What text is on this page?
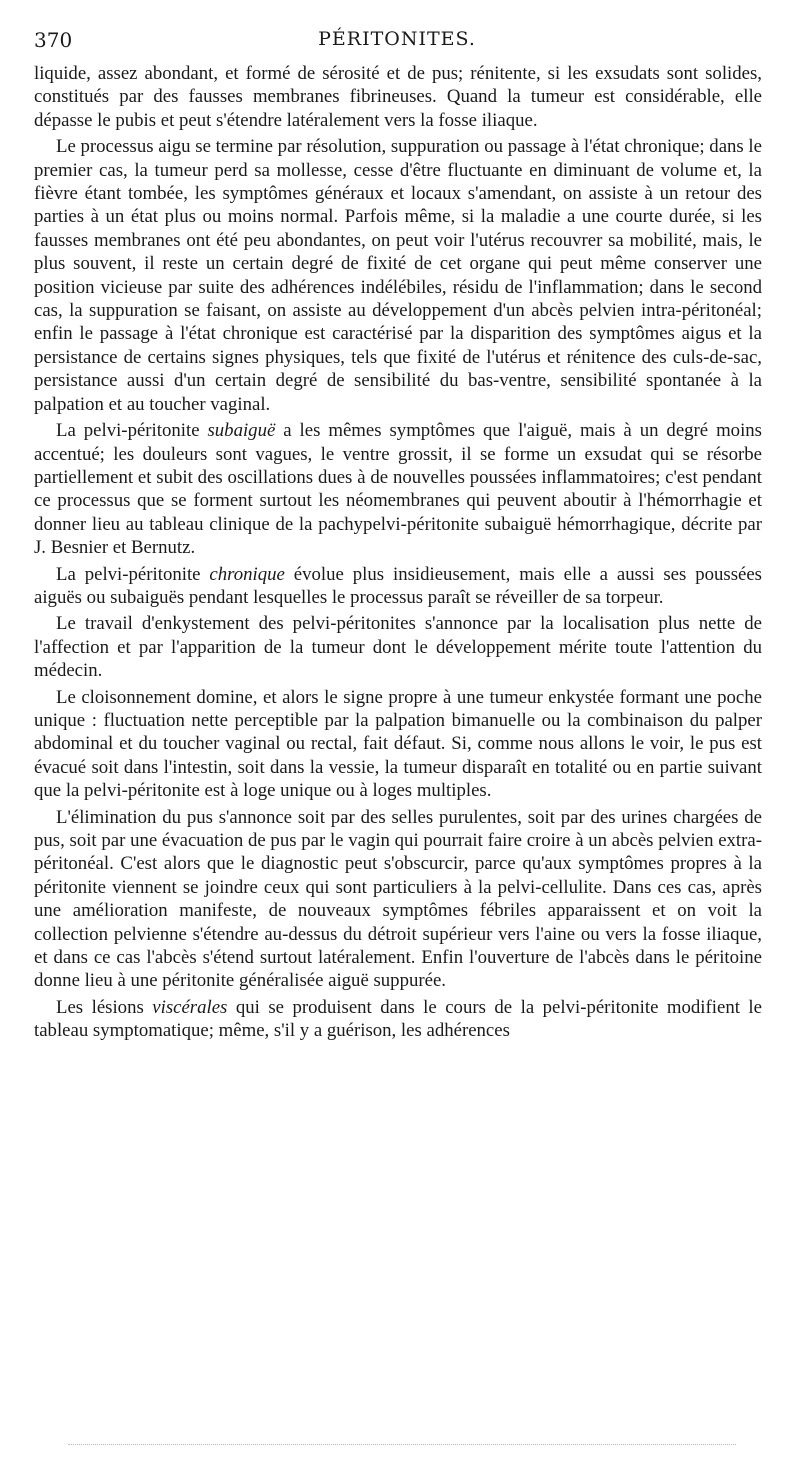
370	PÉRITONITES.

liquide, assez abondant, et formé de sérosité et de pus; rénitente, si les exsudats sont solides, constitués par des fausses membranes fibrineuses. Quand la tumeur est considérable, elle dépasse le pubis et peut s'étendre latéralement vers la fosse iliaque.

Le processus aigu se termine par résolution, suppuration ou passage à l'état chronique; dans le premier cas, la tumeur perd sa mollesse, cesse d'être fluctuante en diminuant de volume et, la fièvre étant tombée, les symptômes généraux et locaux s'amendant, on assiste à un retour des parties à un état plus ou moins normal. Parfois même, si la maladie a une courte durée, si les fausses membranes ont été peu abondantes, on peut voir l'utérus recouvrer sa mobilité, mais, le plus souvent, il reste un certain degré de fixité de cet organe qui peut même conserver une position vicieuse par suite des adhérences indélébiles, résidu de l'inflammation; dans le second cas, la suppuration se faisant, on assiste au développement d'un abcès pelvien intra-péritonéal; enfin le passage à l'état chronique est caractérisé par la disparition des symptômes aigus et la persistance de certains signes physiques, tels que fixité de l'utérus et rénitence des culs-de-sac, persistance aussi d'un certain degré de sensibilité du bas-ventre, sensibilité spontanée à la palpation et au toucher vaginal.

La pelvi-péritonite subaiguë a les mêmes symptômes que l'aiguë, mais à un degré moins accentué; les douleurs sont vagues, le ventre grossit, il se forme un exsudat qui se résorbe partiellement et subit des oscillations dues à de nouvelles poussées inflammatoires; c'est pendant ce processus que se forment surtout les néomembranes qui peuvent aboutir à l'hémorrhagie et donner lieu au tableau clinique de la pachypelvi-péritonite subaiguë hémorrhagique, décrite par J. Besnier et Bernutz.

La pelvi-péritonite chronique évolue plus insidieusement, mais elle a aussi ses poussées aiguës ou subaiguës pendant lesquelles le processus paraît se réveiller de sa torpeur.

Le travail d'enkystement des pelvi-péritonites s'annonce par la localisation plus nette de l'affection et par l'apparition de la tumeur dont le développement mérite toute l'attention du médecin.

Le cloisonnement domine, et alors le signe propre à une tumeur enkystée formant une poche unique : fluctuation nette perceptible par la palpation bimanuelle ou la combinaison du palper abdominal et du toucher vaginal ou rectal, fait défaut. Si, comme nous allons le voir, le pus est évacué soit dans l'intestin, soit dans la vessie, la tumeur disparaît en totalité ou en partie suivant que la pelvi-péritonite est à loge unique ou à loges multiples.

L'élimination du pus s'annonce soit par des selles purulentes, soit par des urines chargées de pus, soit par une évacuation de pus par le vagin qui pourrait faire croire à un abcès pelvien extra-péritonéal. C'est alors que le diagnostic peut s'obscurcir, parce qu'aux symptômes propres à la péritonite viennent se joindre ceux qui sont particuliers à la pelvi-cellulite. Dans ces cas, après une amélioration manifeste, de nouveaux symptômes fébriles apparaissent et on voit la collection pelvienne s'étendre au-dessus du détroit supérieur vers l'aine ou vers la fosse iliaque, et dans ce cas l'abcès s'étend surtout latéralement. Enfin l'ouverture de l'abcès dans le péritoine donne lieu à une péritonite généralisée aiguë suppurée.

Les lésions viscérales qui se produisent dans le cours de la pelvi-péritonite modifient le tableau symptomatique; même, s'il y a guérison, les adhérences
